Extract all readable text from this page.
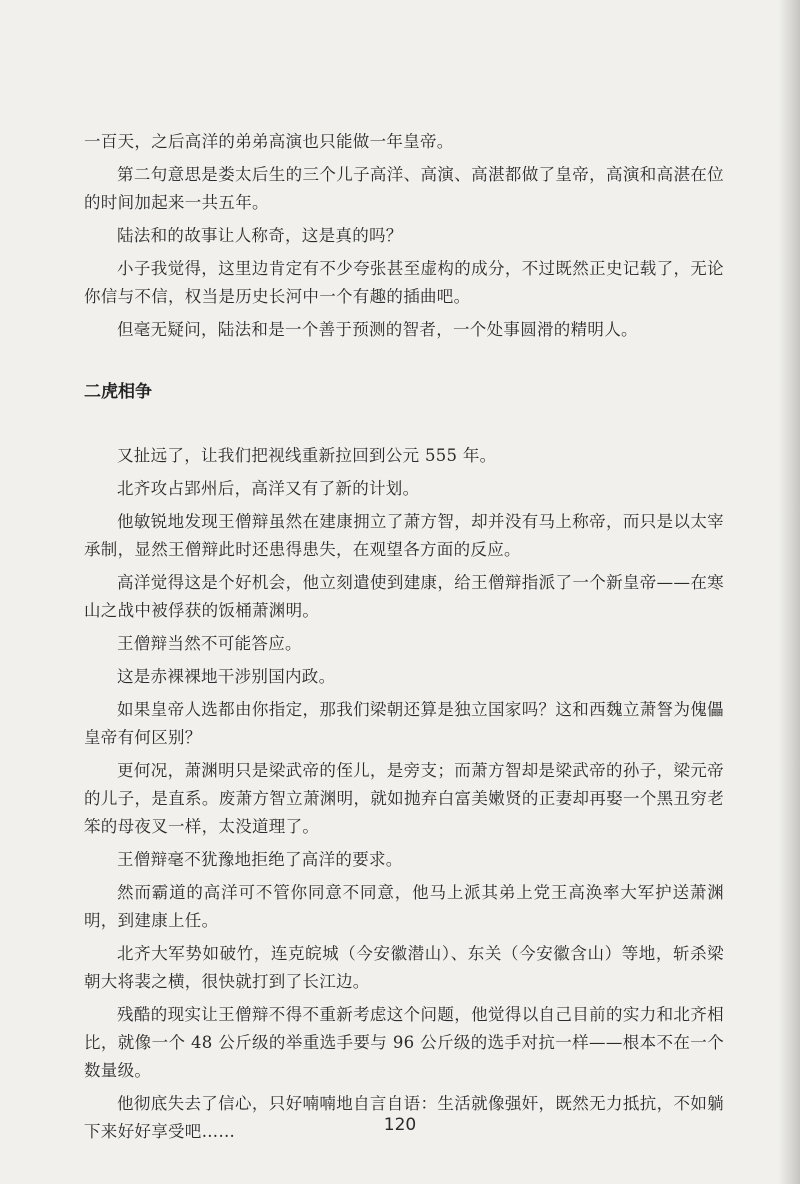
一百天，之后高洋的弟弟高演也只能做一年皇帝。

第二句意思是娄太后生的三个儿子高洋、高演、高湛都做了皇帝，高演和高湛在位的时间加起来一共五年。

陆法和的故事让人称奇，这是真的吗？

小子我觉得，这里边肯定有不少夸张甚至虚构的成分，不过既然正史记载了，无论你信与不信，权当是历史长河中一个有趣的插曲吧。

但毫无疑问，陆法和是一个善于预测的智者，一个处事圆滑的精明人。

二虎相争

又扯远了，让我们把视线重新拉回到公元 555 年。

北齐攻占郢州后，高洋又有了新的计划。

他敏锐地发现王僧辩虽然在建康拥立了萧方智，却并没有马上称帝，而只是以太宰承制，显然王僧辩此时还患得患失，在观望各方面的反应。

高洋觉得这是个好机会，他立刻遣使到建康，给王僧辩指派了一个新皇帝——在寒山之战中被俘获的饭桶萧渊明。

王僧辩当然不可能答应。

这是赤裸裸地干涉别国内政。

如果皇帝人选都由你指定，那我们梁朝还算是独立国家吗？这和西魏立萧詧为傀儡皇帝有何区别？

更何况，萧渊明只是梁武帝的侄儿，是旁支；而萧方智却是梁武帝的孙子，梁元帝的儿子，是直系。废萧方智立萧渊明，就如抛弃白富美嫩贤的正妻却再娶一个黑丑穷老笨的母夜叉一样，太没道理了。

王僧辩毫不犹豫地拒绝了高洋的要求。

然而霸道的高洋可不管你同意不同意，他马上派其弟上党王高涣率大军护送萧渊明，到建康上任。

北齐大军势如破竹，连克皖城（今安徽潜山）、东关（今安徽含山）等地，斩杀梁朝大将裴之横，很快就打到了长江边。

残酷的现实让王僧辩不得不重新考虑这个问题，他觉得以自己目前的实力和北齐相比，就像一个 48 公斤级的举重选手要与 96 公斤级的选手对抗一样——根本不在一个数量级。

他彻底失去了信心，只好喃喃地自言自语：生活就像强奸，既然无力抵抗，不如躺下来好好享受吧……	120
